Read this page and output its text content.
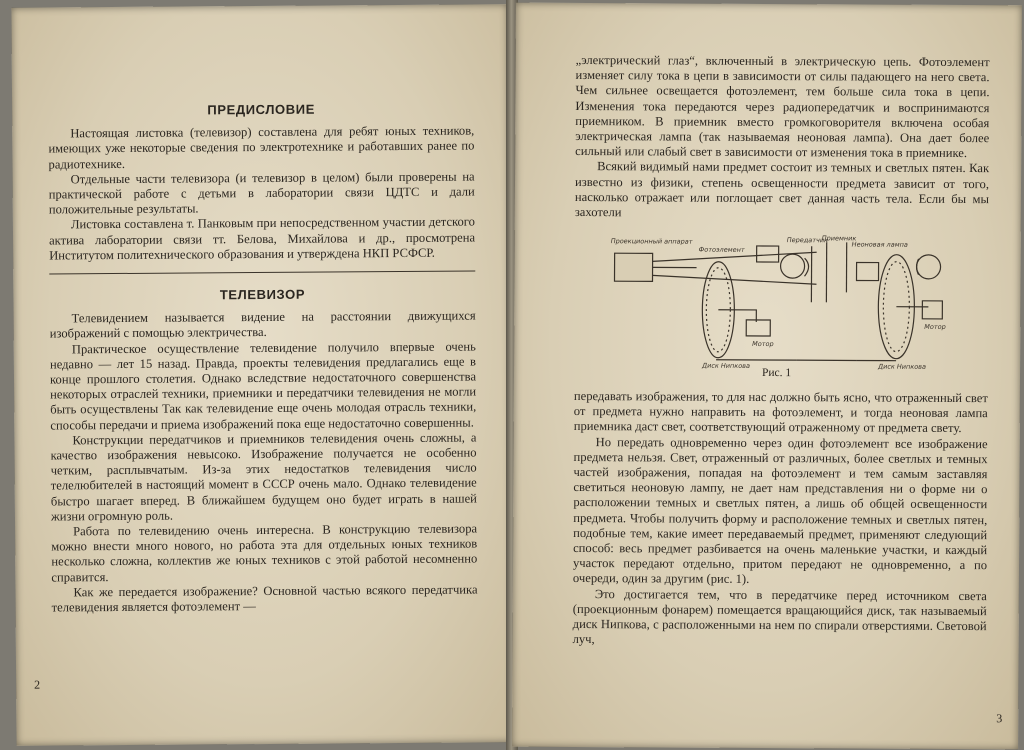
ПРЕДИСЛОВИЕ

Настоящая листовка (телевизор) составлена для ребят юных техников, имеющих уже некоторые сведения по электротехнике и работавших ранее по радиотехнике.

Отдельные части телевизора (и телевизор в целом) были проверены на практической работе с детьми в лаборатории связи ЦДТС и дали положительные результаты.

Листовка составлена т. Панковым при непосредственном участии детского актива лаборатории связи тт. Белова, Михайлова и др., просмотрена Институтом политехнического образования и утверждена НКП РСФСР.

ТЕЛЕВИЗОР

Телевидением называется видение на расстоянии движущихся изображений с помощью электричества.

Практическое осуществление телевидение получило впервые очень недавно — лет 15 назад. Правда, проекты телевидения предлагались еще в конце прошлого столетия. Однако вследствие недостаточного совершенства некоторых отраслей техники, приемники и передатчики телевидения не могли быть осуществлены Так как телевидение еще очень молодая отрасль техники, способы передачи и приема изображений пока еще недостаточно совершенны.

Конструкции передатчиков и приемников телевидения очень сложны, а качество изображения невысоко. Изображение получается не особенно четким, расплывчатым. Из-за этих недостатков телевидения число телелюбителей в настоящий момент в СССР очень мало. Однако телевидение быстро шагает вперед. В ближайшем будущем оно будет играть в нашей жизни огромную роль.

Работа по телевидению очень интересна. В конструкцию телевизора можно внести много нового, но работа эта для отдельных юных техников несколько сложна, коллектив же юных техников с этой работой несомненно справится.

Как же передается изображение? Основной частью всякого передатчика телевидения является фотоэлемент —

2

„электрический глаз“, включенный в электрическую цепь. Фотоэлемент изменяет силу тока в цепи в зависимости от силы падающего на него света. Чем сильнее освещается фотоэлемент, тем больше сила тока в цепи. Изменения тока передаются через радиопередатчик и воспринимаются приемником. В приемник вместо громкоговорителя включена особая электрическая лампа (так называемая неоновая лампа). Она дает более сильный или слабый свет в зависимости от изменения тока в приемнике.

Всякий видимый нами предмет состоит из темных и светлых пятен. Как известно из физики, степень освещенности предмета зависит от того, насколько отражает или поглощает свет данная часть тела. Если бы мы захотели

Проекционный аппарат
Фотоэлемент
Передатчик
Приемник
Неоновая лампа
Диск Нипкова	Диск Нипкова
Мотор
Мотор
Рис. 1

передавать изображения, то для нас должно быть ясно, что отраженный свет от предмета нужно направить на фотоэлемент, и тогда неоновая лампа приемника даст свет, соответствующий отраженному от предмета свету.

Но передать одновременно через один фотоэлемент все изображение предмета нельзя. Свет, отраженный от различных, более светлых и темных частей изображения, попадая на фотоэлемент и тем самым заставляя светиться неоновую лампу, не дает нам представления ни о форме ни о расположении темных и светлых пятен, а лишь об общей освещенности предмета. Чтобы получить форму и расположение темных и светлых пятен, подобные тем, какие имеет передаваемый предмет, применяют следующий способ: весь предмет разбивается на очень маленькие участки, и каждый участок передают отдельно, притом передают не одновременно, а по очереди, один за другим (рис. 1).

Это достигается тем, что в передатчике перед источником света (проекционным фонарем) помещается вращающийся диск, так называемый диск Нипкова, с расположенными на нем по спирали отверстиями. Световой луч,

3
